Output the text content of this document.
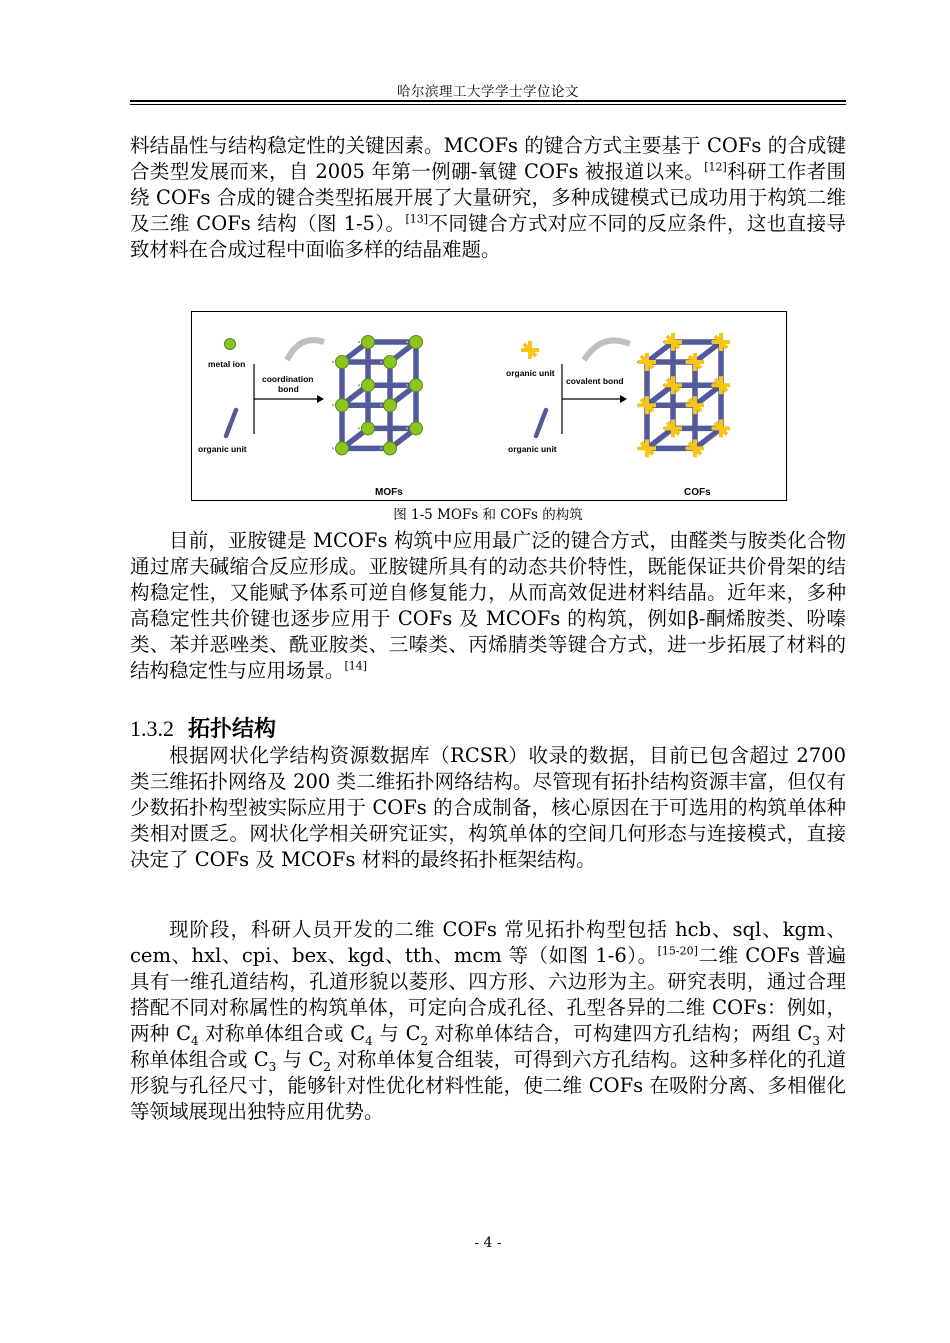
哈尔滨理工大学学士学位论文

料结晶性与结构稳定性的关键因素。MCOFs 的键合方式主要基于 COFs 的合成键合类型发展而来，自 2005 年第一例硼-氧键 COFs 被报道以来。[12]科研工作者围绕 COFs 合成的键合类型拓展开展了大量研究，多种成键模式已成功用于构筑二维及三维 COFs 结构（图 1-5）。[13]不同键合方式对应不同的反应条件，这也直接导致材料在合成过程中面临多样的结晶难题。

metal ion
organic unit
coordination
bond
MOFs
organic unit
organic unit
covalent bond
COFs
图 1-5 MOFs 和 COFs 的构筑

目前，亚胺键是 MCOFs 构筑中应用最广泛的键合方式，由醛类与胺类化合物通过席夫碱缩合反应形成。亚胺键所具有的动态共价特性，既能保证共价骨架的结构稳定性，又能赋予体系可逆自修复能力，从而高效促进材料结晶。近年来，多种高稳定性共价键也逐步应用于 COFs 及 MCOFs 的构筑，例如β-酮烯胺类、吩嗪类、苯并恶唑类、酰亚胺类、三嗪类、丙烯腈类等键合方式，进一步拓展了材料的结构稳定性与应用场景。[14]

1.3.2 拓扑结构

根据网状化学结构资源数据库（RCSR）收录的数据，目前已包含超过 2700 类三维拓扑网络及 200 类二维拓扑网络结构。尽管现有拓扑结构资源丰富，但仅有少数拓扑构型被实际应用于 COFs 的合成制备，核心原因在于可选用的构筑单体种类相对匮乏。网状化学相关研究证实，构筑单体的空间几何形态与连接模式，直接决定了 COFs 及 MCOFs 材料的最终拓扑框架结构。

现阶段，科研人员开发的二维 COFs 常见拓扑构型包括 hcb、sql、kgm、cem、hxl、cpi、bex、kgd、tth、mcm 等（如图 1-6）。[15-20]二维 COFs 普遍具有一维孔道结构，孔道形貌以菱形、四方形、六边形为主。研究表明，通过合理搭配不同对称属性的构筑单体，可定向合成孔径、孔型各异的二维 COFs：例如，两种 $C_4$ 对称单体组合或 $C_4$ 与 $C_2$ 对称单体结合，可构建四方孔结构；两组 $C_3$ 对称单体组合或 $C_3$ 与 $C_2$ 对称单体复合组装，可得到六方孔结构。这种多样化的孔道形貌与孔径尺寸，能够针对性优化材料性能，使二维 COFs 在吸附分离、多相催化等领域展现出独特应用优势。

- 4 -
